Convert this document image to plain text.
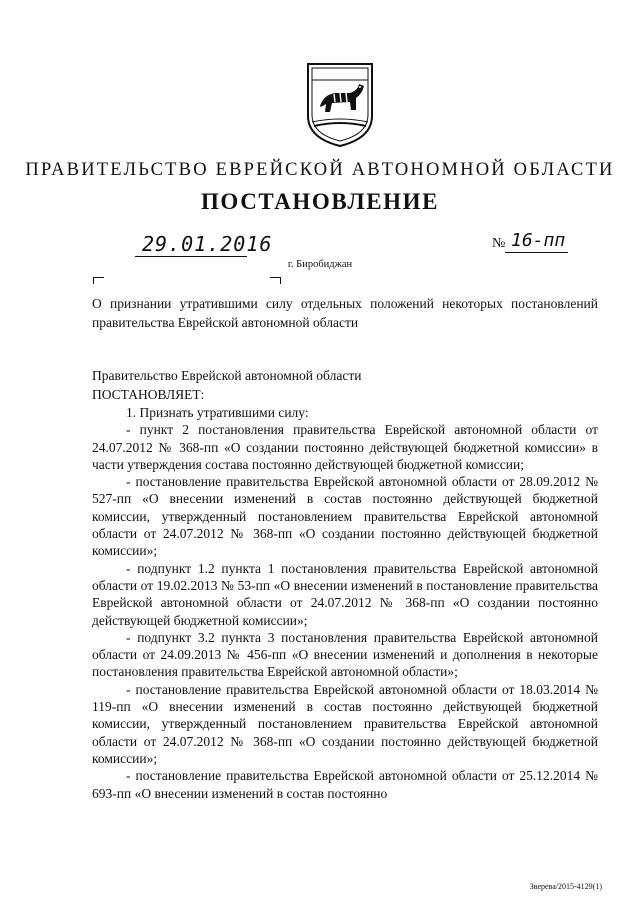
ПРАВИТЕЛЬСТВО ЕВРЕЙСКОЙ АВТОНОМНОЙ ОБЛАСТИ
ПОСТАНОВЛЕНИЕ
29.01.2016	№ 16-пп
г. Биробиджан
О признании утратившими силу отдельных положений некоторых постановлений правительства Еврейской автономной области
Правительство Еврейской автономной области
ПОСТАНОВЛЯЕТ:

1. Признать утратившими силу:

- пункт 2 постановления правительства Еврейской автономной области от 24.07.2012 № 368-пп «О создании постоянно действующей бюджетной комиссии» в части утверждения состава постоянно действующей бюджетной комиссии;

- постановление правительства Еврейской автономной области от 28.09.2012 № 527-пп «О внесении изменений в состав постоянно действующей бюджетной комиссии, утвержденный постановлением правительства Еврейской автономной области от 24.07.2012 № 368-пп «О создании постоянно действующей бюджетной комиссии»;

- подпункт 1.2 пункта 1 постановления правительства Еврейской автономной области от 19.02.2013 № 53-пп «О внесении изменений в постановление правительства Еврейской автономной области от 24.07.2012 № 368-пп «О создании постоянно действующей бюджетной комиссии»;

- подпункт 3.2 пункта 3 постановления правительства Еврейской автономной области от 24.09.2013 № 456-пп «О внесении изменений и дополнения в некоторые постановления правительства Еврейской автономной области»;

- постановление правительства Еврейской автономной области от 18.03.2014 № 119-пп «О внесении изменений в состав постоянно действующей бюджетной комиссии, утвержденный постановлением правительства Еврейской автономной области от 24.07.2012 № 368-пп «О создании постоянно действующей бюджетной комиссии»;

- постановление правительства Еврейской автономной области от 25.12.2014 № 693-пп «О внесении изменений в состав постоянно

Зверева/2015-4129(1)
